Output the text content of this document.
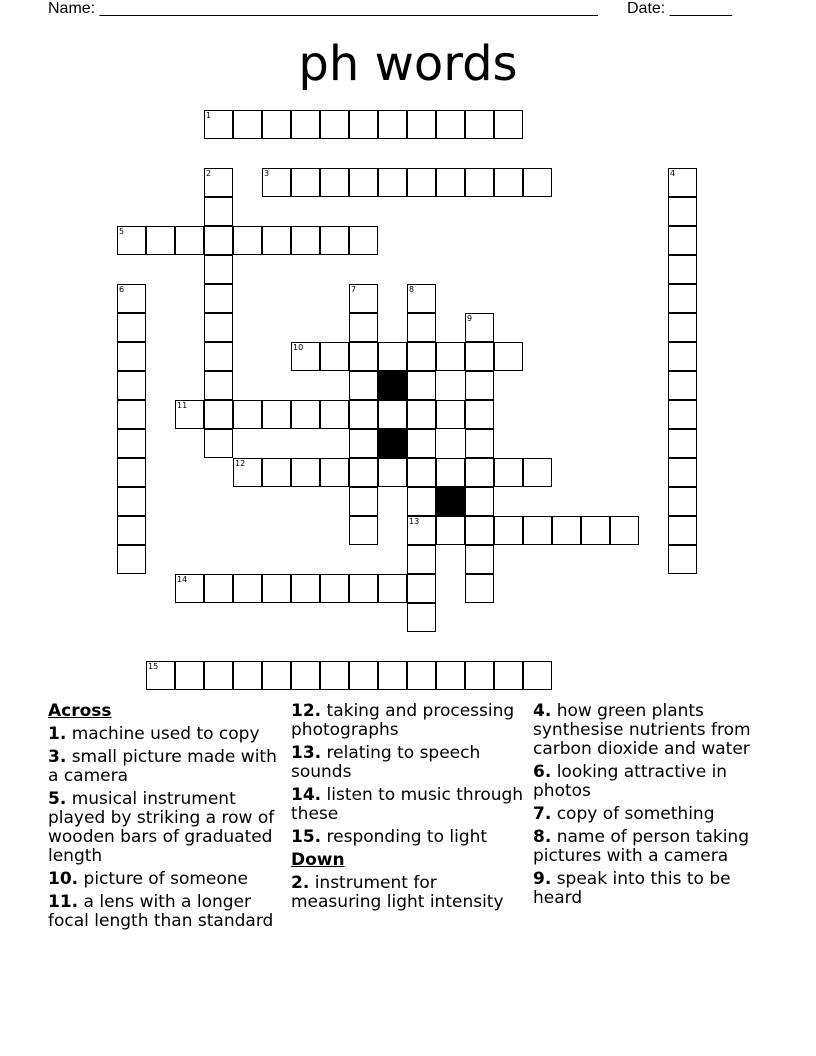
Name: ________________________________________________________ Date: _______
ph words
1
2	3	4
5
6	7	8
9
10
11
12
13
14
15
Across
1. machine used to copy
3. small picture made with a camera
5. musical instrument played by striking a row of wooden bars of graduated length
10. picture of someone
11. a lens with a longer focal length than standard
12. taking and processing photographs
13. relating to speech sounds
14. listen to music through these
15. responding to light
Down
2. instrument for measuring light intensity
4. how green plants synthesise nutrients from carbon dioxide and water
6. looking attractive in photos
7. copy of something
8. name of person taking pictures with a camera
9. speak into this to be heard
